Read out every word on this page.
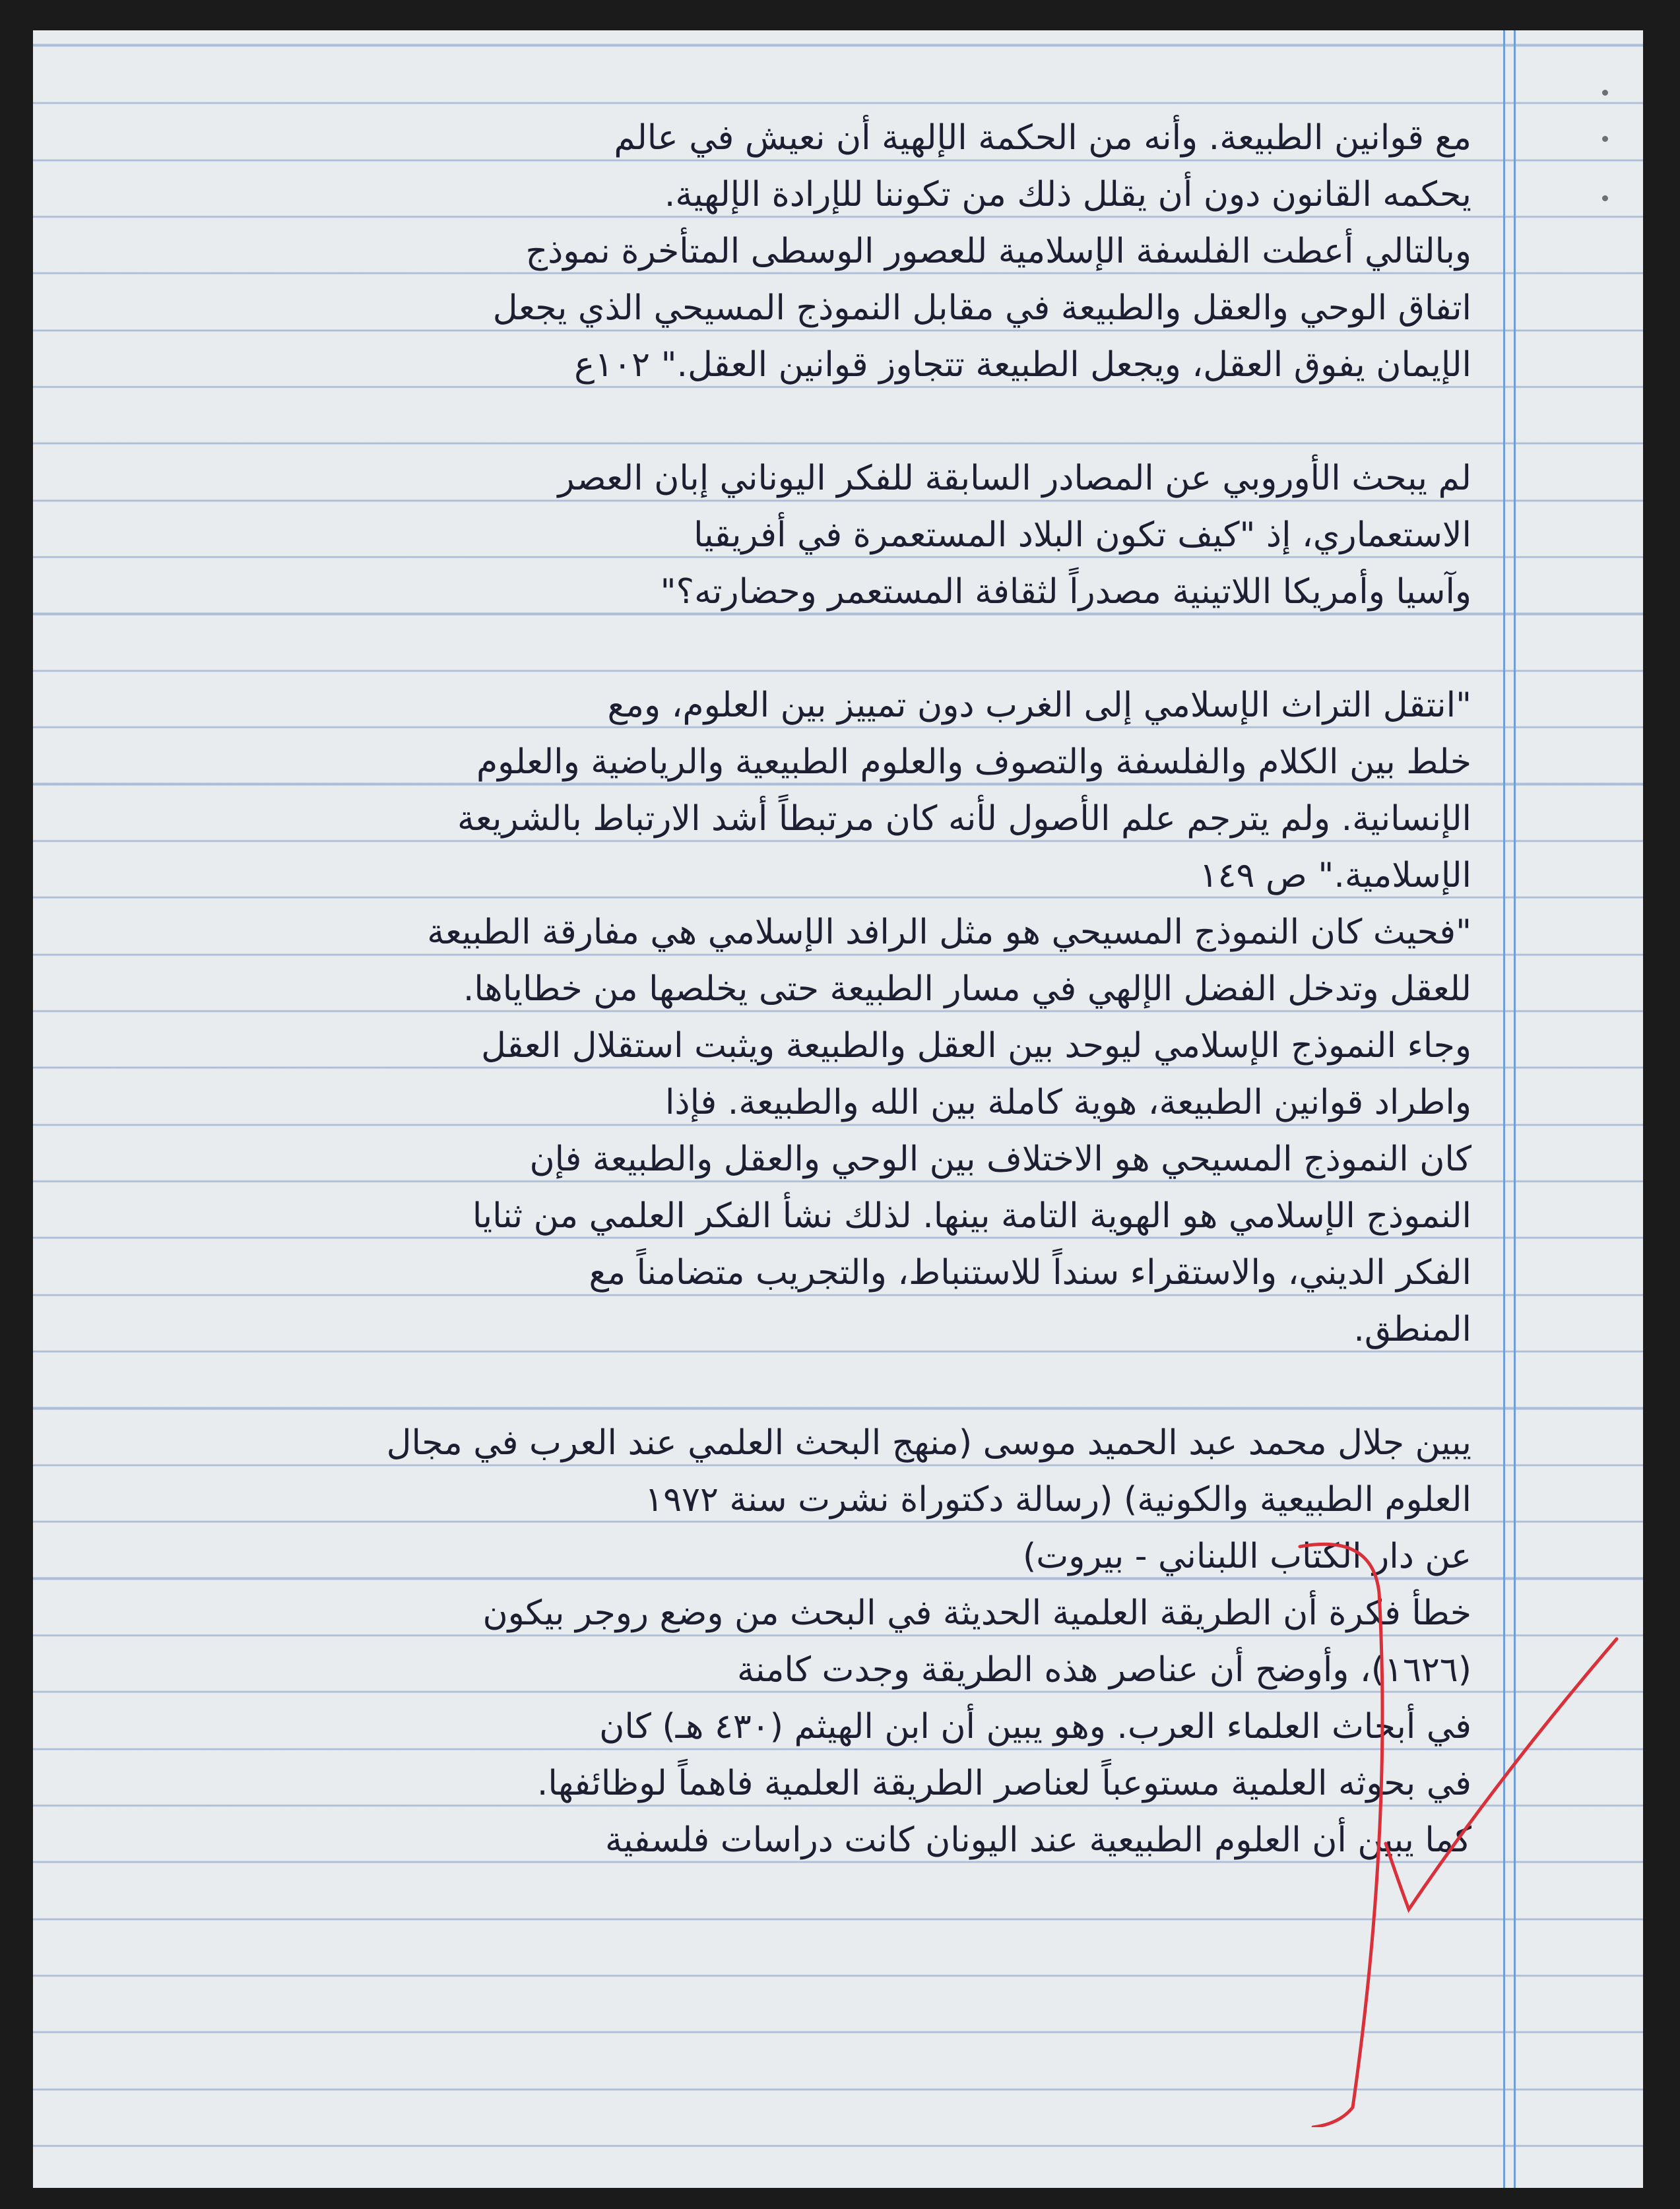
مع قوانين الطبيعة. وأنه من الحكمة الإلهية أن نعيش في عالم

يحكمه القانون دون أن يقلل ذلك من تكوننا للإرادة الإلهية.

وبالتالي أعطت الفلسفة الإسلامية للعصور الوسطى المتأخرة نموذج

اتفاق الوحي والعقل والطبيعة في مقابل النموذج المسيحي الذي يجعل

الإيمان يفوق العقل، ويجعل الطبيعة تتجاوز قوانين العقل." ١٠٢ع

لم يبحث الأوروبي عن المصادر السابقة للفكر اليوناني إبان العصر

الاستعماري، إذ "كيف تكون البلاد المستعمرة في أفريقيا

وآسيا وأمريكا اللاتينية مصدراً لثقافة المستعمر وحضارته؟"

"انتقل التراث الإسلامي إلى الغرب دون تمييز بين العلوم، ومع

خلط بين الكلام والفلسفة والتصوف والعلوم الطبيعية والرياضية والعلوم

الإنسانية. ولم يترجم علم الأصول لأنه كان مرتبطاً أشد الارتباط بالشريعة

الإسلامية." ص ١٤٩

"فحيث كان النموذج المسيحي هو مثل الرافد الإسلامي هي مفارقة الطبيعة

للعقل وتدخل الفضل الإلهي في مسار الطبيعة حتى يخلصها من خطاياها.

وجاء النموذج الإسلامي ليوحد بين العقل والطبيعة ويثبت استقلال العقل

واطراد قوانين الطبيعة، هوية كاملة بين الله والطبيعة. فإذا

كان النموذج المسيحي هو الاختلاف بين الوحي والعقل والطبيعة فإن

النموذج الإسلامي هو الهوية التامة بينها. لذلك نشأ الفكر العلمي من ثنايا

الفكر الديني، والاستقراء سنداً للاستنباط، والتجريب متضامناً مع

المنطق.

يبين جلال محمد عبد الحميد موسى (منهج البحث العلمي عند العرب في مجال

العلوم الطبيعية والكونية) (رسالة دكتوراة نشرت سنة ١٩٧٢

عن دار الكتاب اللبناني - بيروت)

خطأ فكرة أن الطريقة العلمية الحديثة في البحث من وضع روجر بيكون

(١٦٢٦)، وأوضح أن عناصر هذه الطريقة وجدت كامنة

في أبحاث العلماء العرب. وهو يبين أن ابن الهيثم (٤٣٠ هـ) كان

في بحوثه العلمية مستوعباً لعناصر الطريقة العلمية فاهماً لوظائفها.

كما يبين أن العلوم الطبيعية عند اليونان كانت دراسات فلسفية
